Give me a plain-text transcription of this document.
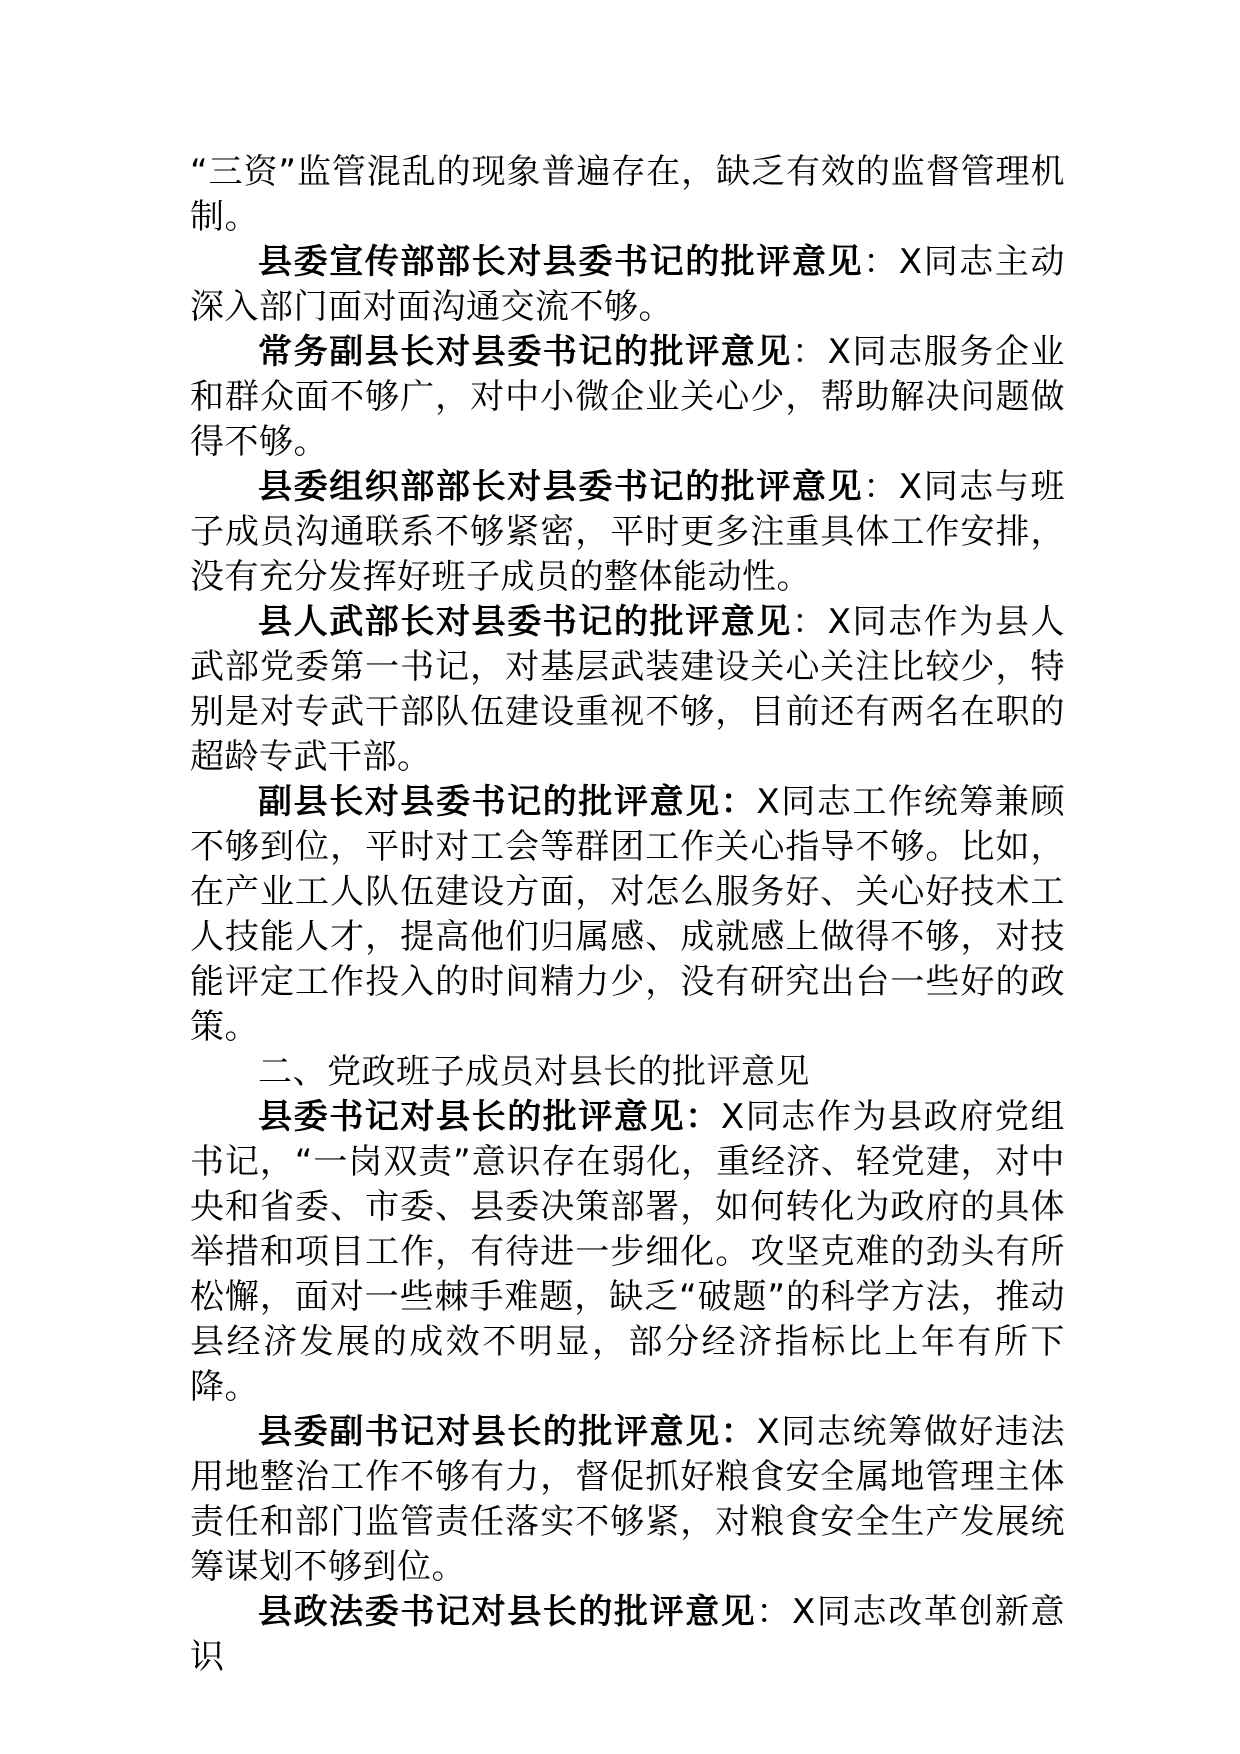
“三资”监管混乱的现象普遍存在，缺乏有效的监督管理机制。

县委宣传部部长对县委书记的批评意见：X同志主动深入部门面对面沟通交流不够。

常务副县长对县委书记的批评意见：X同志服务企业和群众面不够广，对中小微企业关心少，帮助解决问题做得不够。

县委组织部部长对县委书记的批评意见：X同志与班子成员沟通联系不够紧密，平时更多注重具体工作安排，没有充分发挥好班子成员的整体能动性。

县人武部长对县委书记的批评意见：X同志作为县人武部党委第一书记，对基层武装建设关心关注比较少，特别是对专武干部队伍建设重视不够，目前还有两名在职的超龄专武干部。

副县长对县委书记的批评意见：X同志工作统筹兼顾不够到位，平时对工会等群团工作关心指导不够。比如，在产业工人队伍建设方面，对怎么服务好、关心好技术工人技能人才，提高他们归属感、成就感上做得不够，对技能评定工作投入的时间精力少，没有研究出台一些好的政策。

二、党政班子成员对县长的批评意见

县委书记对县长的批评意见：X同志作为县政府党组书记，“一岗双责”意识存在弱化，重经济、轻党建，对中央和省委、市委、县委决策部署，如何转化为政府的具体举措和项目工作，有待进一步细化。攻坚克难的劲头有所松懈，面对一些棘手难题，缺乏“破题”的科学方法，推动县经济发展的成效不明显，部分经济指标比上年有所下降。

县委副书记对县长的批评意见：X同志统筹做好违法用地整治工作不够有力，督促抓好粮食安全属地管理主体责任和部门监管责任落实不够紧，对粮食安全生产发展统筹谋划不够到位。

县政法委书记对县长的批评意见：X同志改革创新意识
